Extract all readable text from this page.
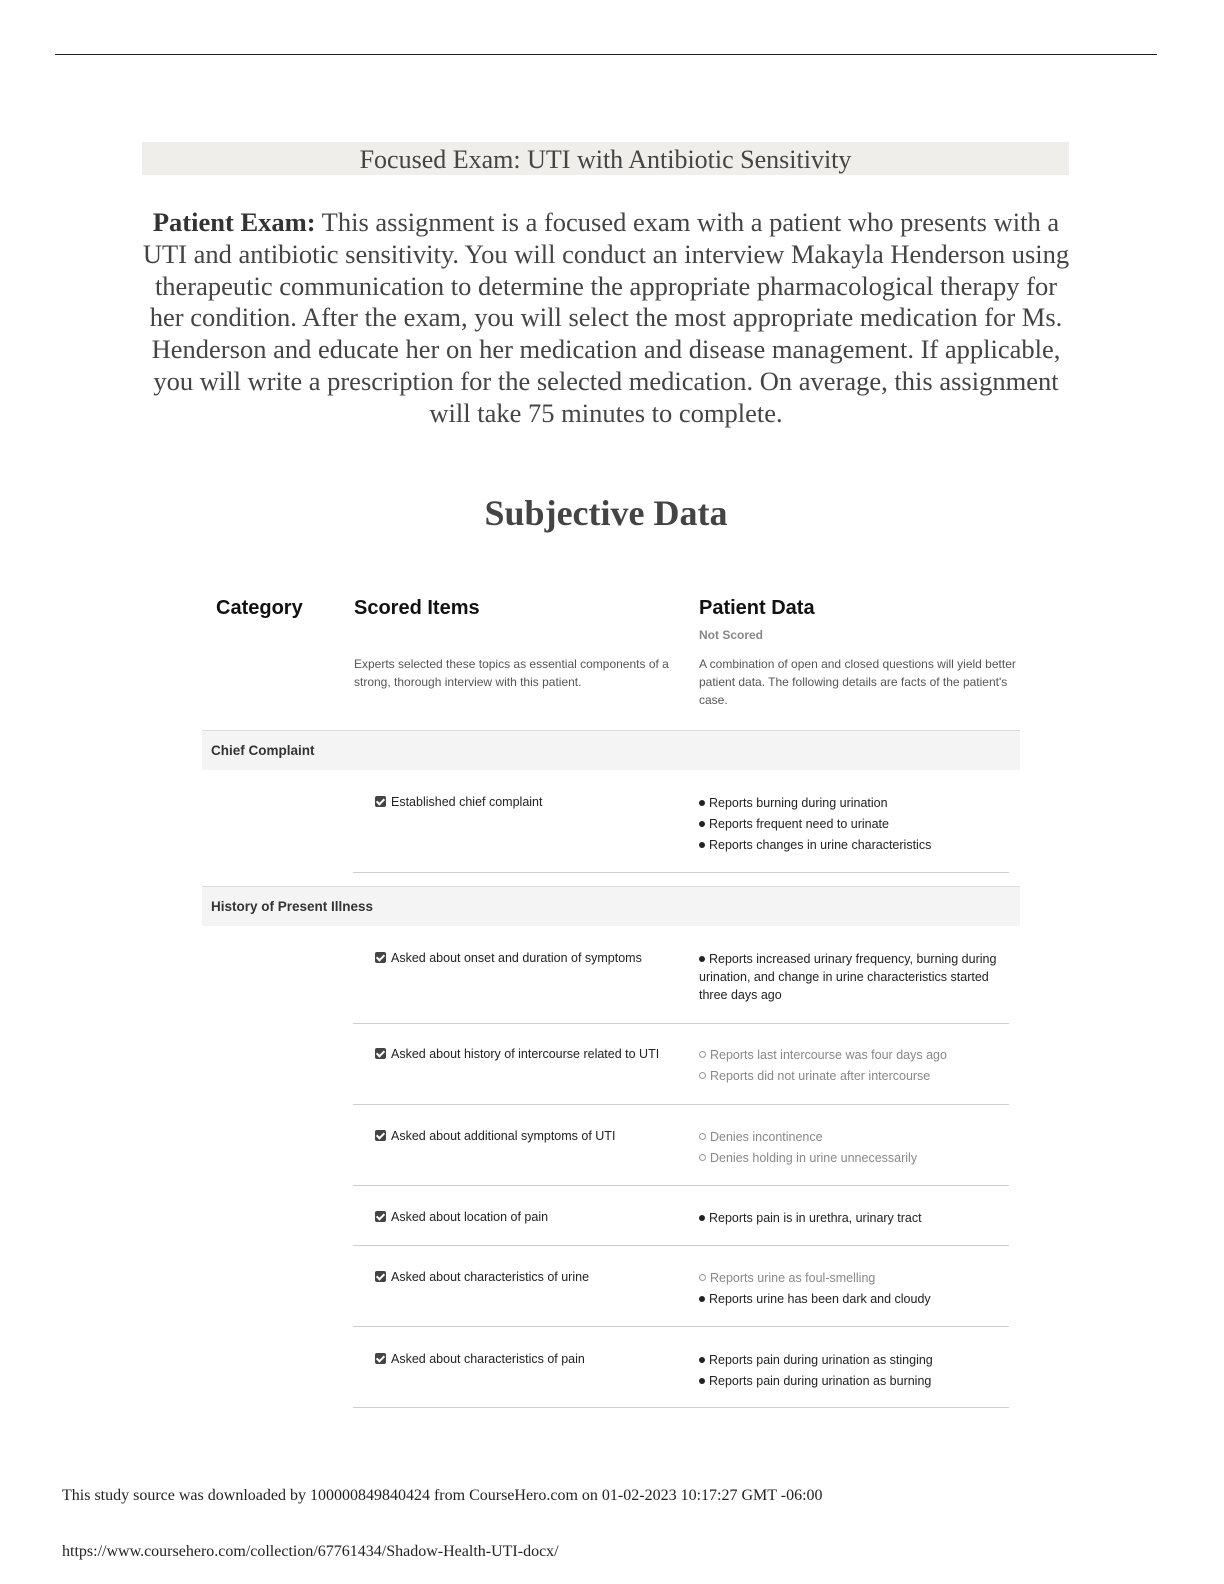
Focused Exam: UTI with Antibiotic Sensitivity
Patient Exam: This assignment is a focused exam with a patient who presents with a UTI and antibiotic sensitivity. You will conduct an interview Makayla Henderson using therapeutic communication to determine the appropriate pharmacological therapy for her condition. After the exam, you will select the most appropriate medication for Ms. Henderson and educate her on her medication and disease management. If applicable, you will write a prescription for the selected medication. On average, this assignment will take 75 minutes to complete.
Subjective Data
Category	Scored Items	Patient Data
Not Scored
Experts selected these topics as essential components of a strong, thorough interview with this patient.
A combination of open and closed questions will yield better patient data. The following details are facts of the patient's case.
Chief Complaint
Established chief complaint	Reports burning during urination
Reports frequent need to urinate
Reports changes in urine characteristics
History of Present Illness
Asked about onset and duration of symptoms	Reports increased urinary frequency, burning during urination, and change in urine characteristics started three days ago
Asked about history of intercourse related to UTI	Reports last intercourse was four days ago
Reports did not urinate after intercourse
Asked about additional symptoms of UTI	Denies incontinence
Denies holding in urine unnecessarily
Asked about location of pain	Reports pain is in urethra, urinary tract
Asked about characteristics of urine	Reports urine as foul-smelling
Reports urine has been dark and cloudy
Asked about characteristics of pain	Reports pain during urination as stinging
Reports pain during urination as burning
This study source was downloaded by 100000849840424 from CourseHero.com on 01-02-2023 10:17:27 GMT -06:00
https://www.coursehero.com/collection/67761434/Shadow-Health-UTI-docx/
